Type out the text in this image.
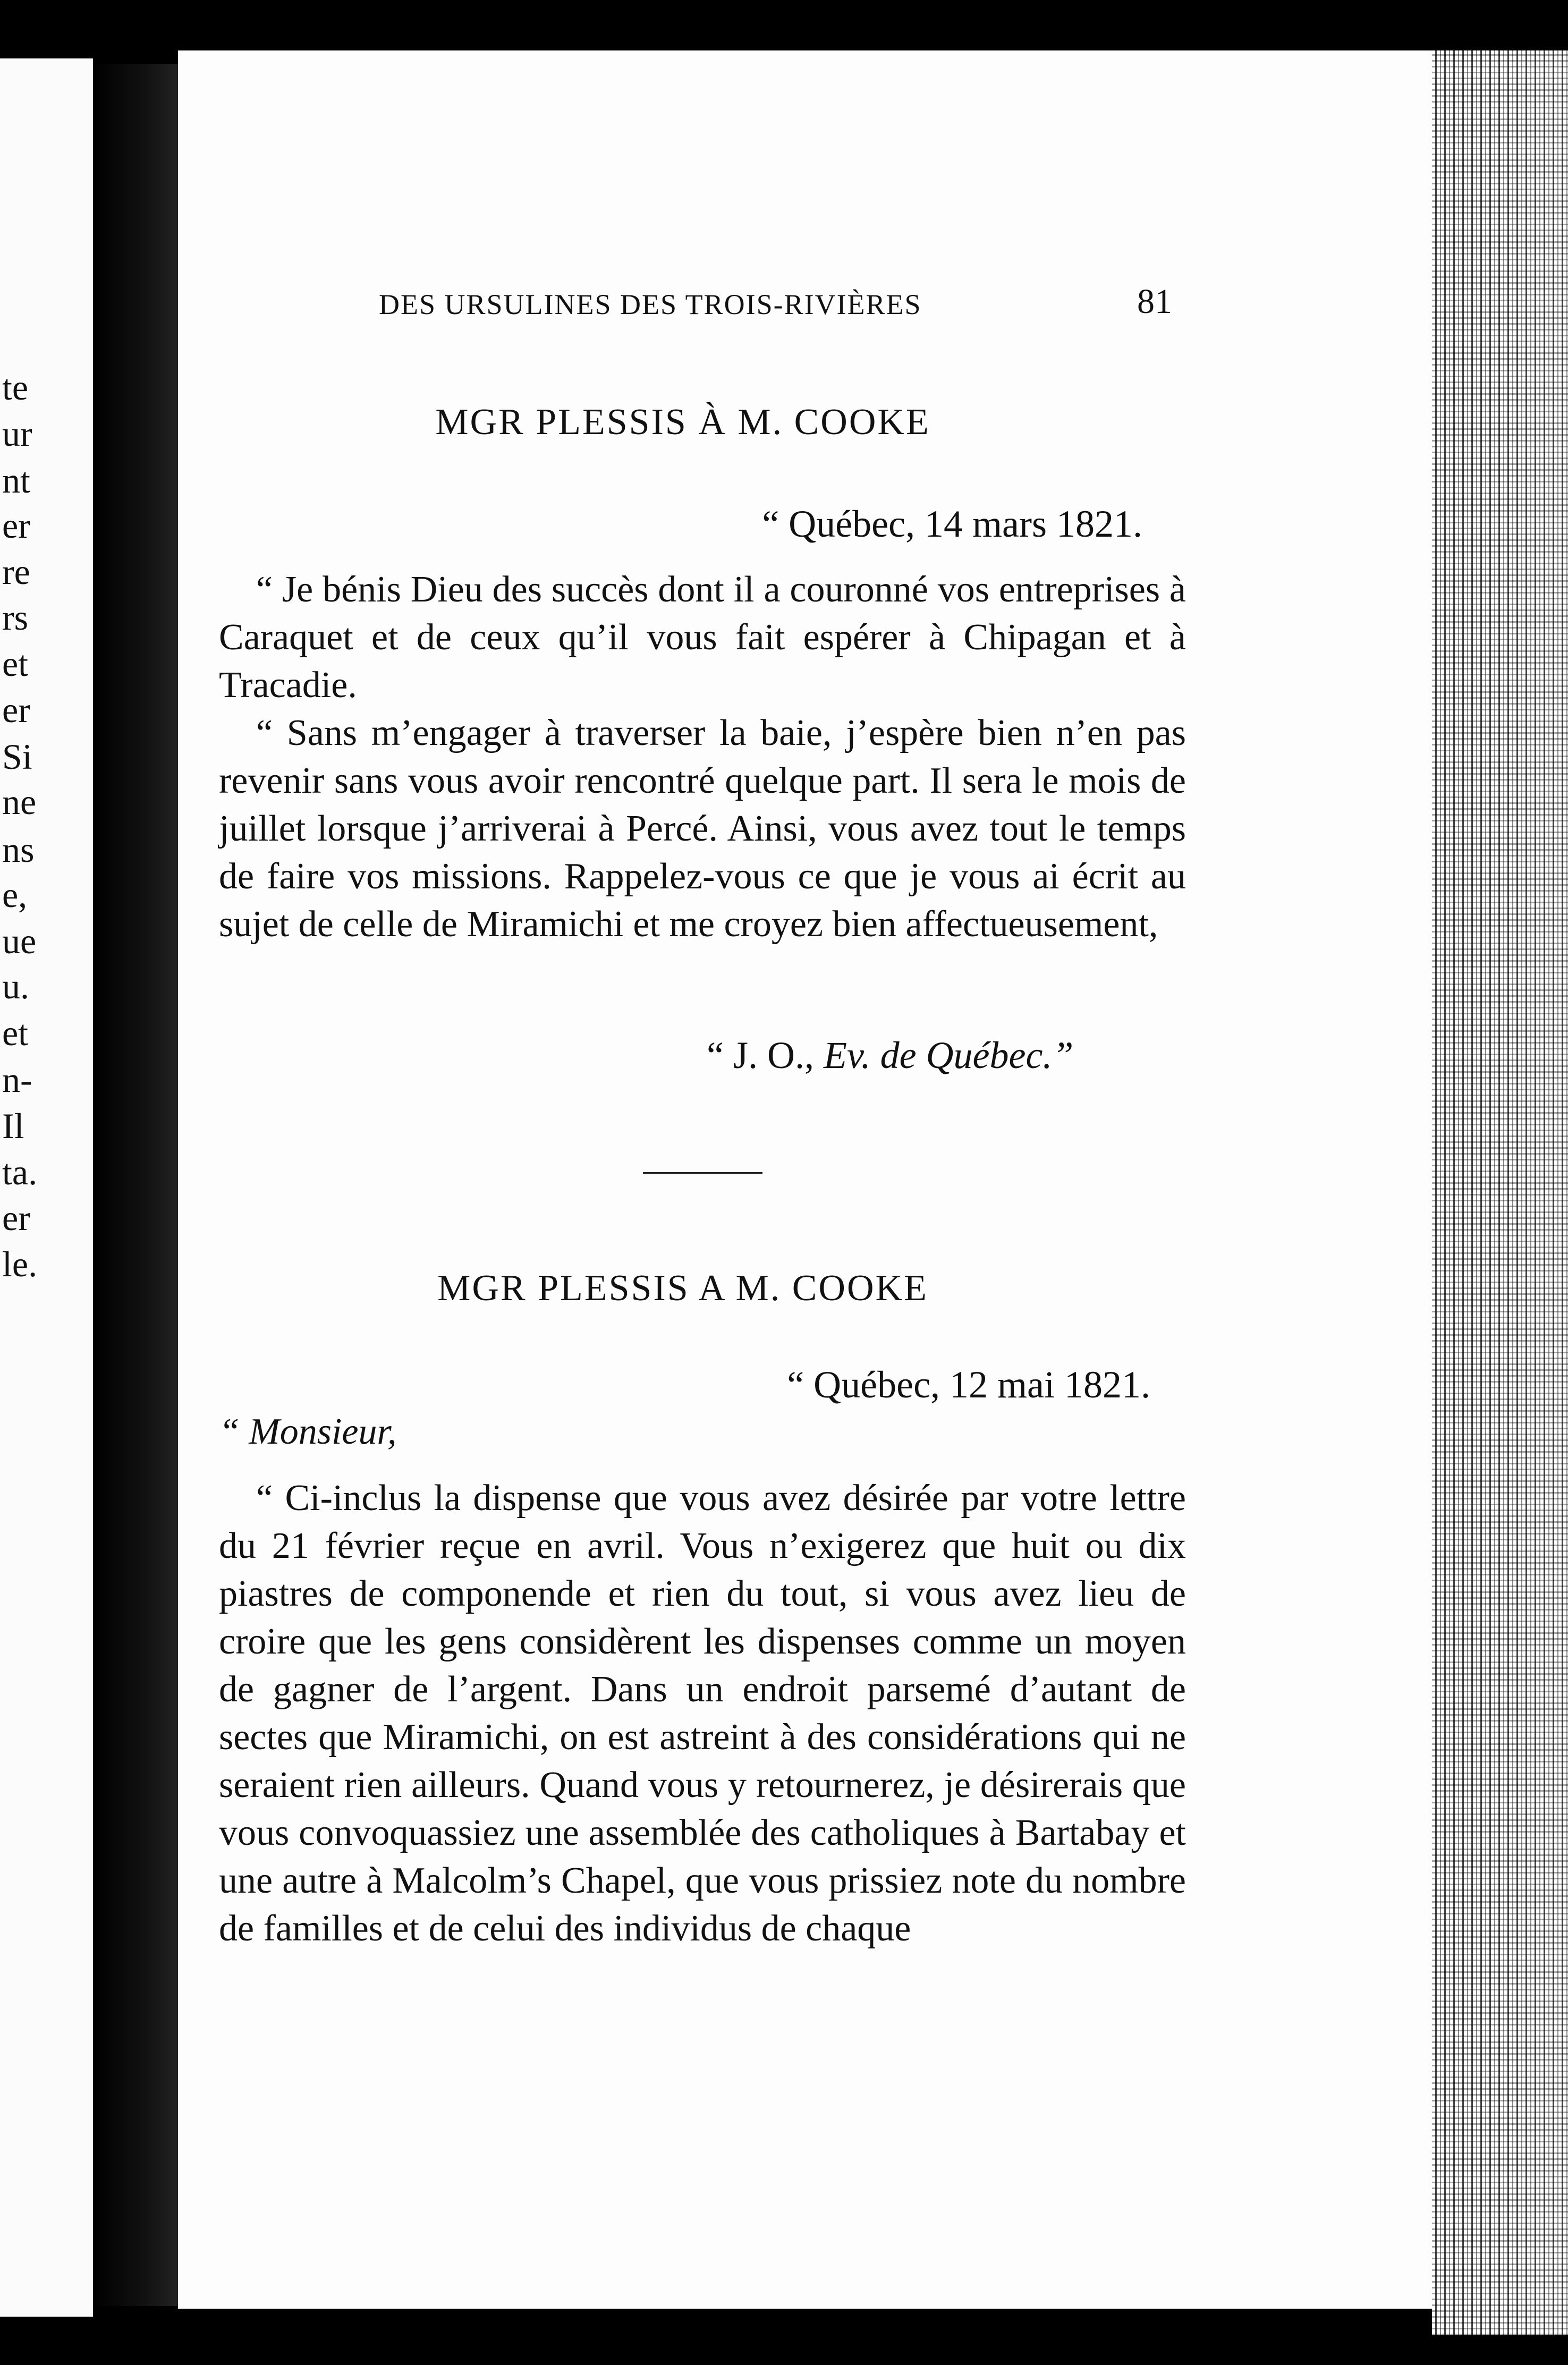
te
ur
nt
er
re
rs
et
er
Si
ne
ns
e,
ue
u.
et
n-
Il
ta.
er
le.
DES URSULINES DES TROIS-RIVIÈRES	81
MGR PLESSIS À M. COOKE
“ Québec, 14 mars 1821.

“ Je bénis Dieu des succès dont il a couronné vos entreprises à Caraquet et de ceux qu’il vous fait espérer à Chipagan et à Tracadie.

“ Sans m’engager à traverser la baie, j’espère bien n’en pas revenir sans vous avoir rencontré quelque part. Il sera le mois de juillet lorsque j’arriverai à Percé. Ainsi, vous avez tout le temps de faire vos missions. Rappelez-vous ce que je vous ai écrit au sujet de celle de Miramichi et me croyez bien affectueusement,

“ J. O., Ev. de Québec.”
MGR PLESSIS A M. COOKE
“ Québec, 12 mai 1821.
“ Monsieur,

“ Ci-inclus la dispense que vous avez désirée par votre lettre du 21 février reçue en avril. Vous n’exigerez que huit ou dix piastres de componende et rien du tout, si vous avez lieu de croire que les gens considèrent les dispenses comme un moyen de gagner de l’argent. Dans un endroit parsemé d’autant de sectes que Miramichi, on est astreint à des considérations qui ne seraient rien ailleurs. Quand vous y retournerez, je désirerais que vous convoquassiez une assemblée des catholiques à Bartabay et une autre à Malcolm’s Chapel, que vous prissiez note du nombre de familles et de celui des individus de chaque
